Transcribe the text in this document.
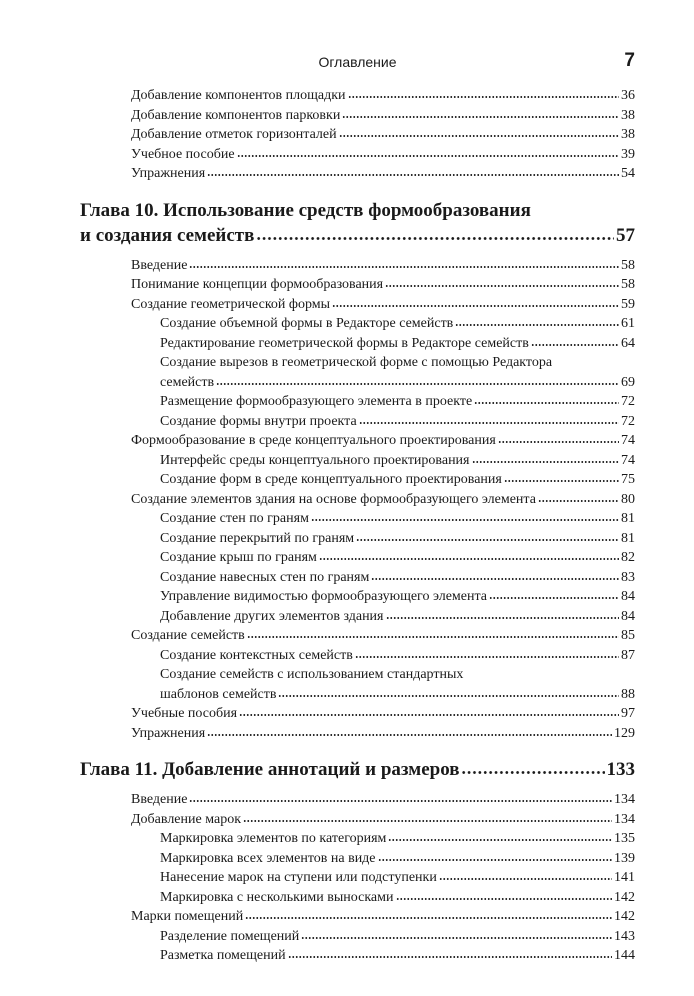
Оглавление	7
Добавление компонентов площадки	36
Добавление компонентов парковки	38
Добавление отметок горизонталей	38
Учебное пособие	39
Упражнения	54
Глава 10. Использование средств формообразования
и создания семейств	57
Введение	58
Понимание концепции формообразования	58
Создание геометрической формы	59
Создание объемной формы в Редакторе семейств	61
Редактирование геометрической формы в Редакторе семейств	64
Создание вырезов в геометрической форме с помощью Редактора
семейств	69
Размещение формообразующего элемента в проекте	72
Создание формы внутри проекта	72
Формообразование в среде концептуального проектирования	74
Интерфейс среды концептуального проектирования	74
Создание форм в среде концептуального проектирования	75
Создание элементов здания на основе формообразующего элемента	80
Создание стен по граням	81
Создание перекрытий по граням	81
Создание крыш по граням	82
Создание навесных стен по граням	83
Управление видимостью формообразующего элемента	84
Добавление других элементов здания	84
Создание семейств	85
Создание контекстных семейств	87
Создание семейств с использованием стандартных
шаблонов семейств	88
Учебные пособия	97
Упражнения	129
Глава 11. Добавление аннотаций и размеров	133
Введение	134
Добавление марок	134
Маркировка элементов по категориям	135
Маркировка всех элементов на виде	139
Нанесение марок на ступени или подступенки	141
Маркировка с несколькими выносками	142
Марки помещений	142
Разделение помещений	143
Разметка помещений	144
